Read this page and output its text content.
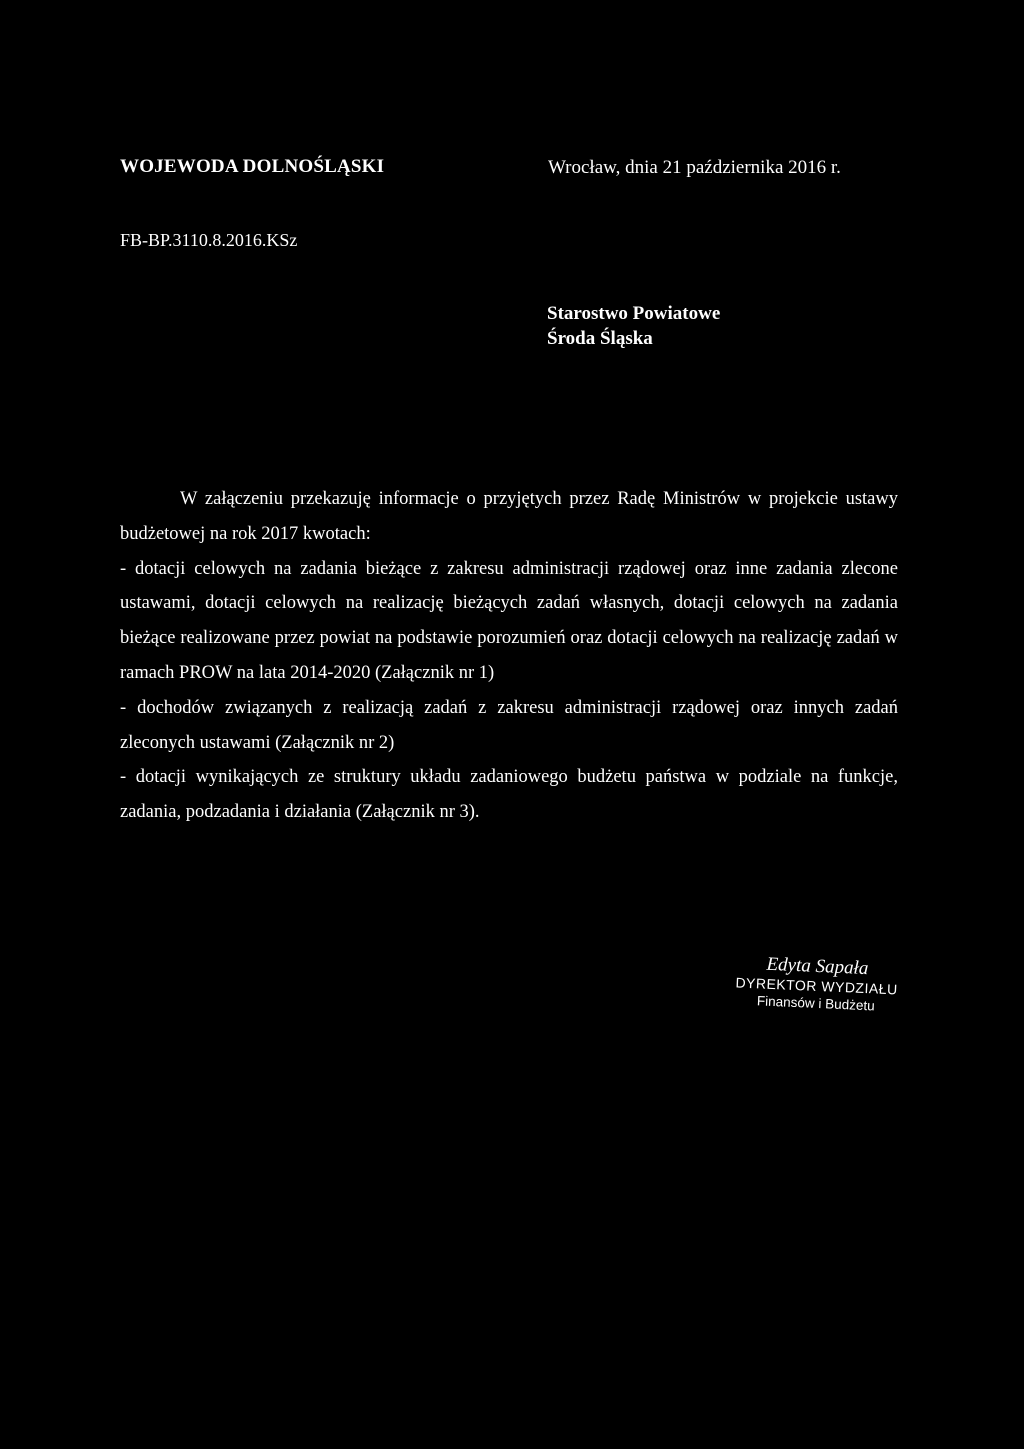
WOJEWODA DOLNOŚLĄSKI	Wrocław, dnia 21 października 2016 r.
FB-BP.3110.8.2016.KSz
Starostwo Powiatowe
Środa Śląska

W załączeniu przekazuję informacje o przyjętych przez Radę Ministrów w projekcie ustawy budżetowej na rok 2017 kwotach:

- dotacji celowych na zadania bieżące z zakresu administracji rządowej oraz inne zadania zlecone ustawami, dotacji celowych na realizację bieżących zadań własnych, dotacji celowych na zadania bieżące realizowane przez powiat na podstawie porozumień oraz dotacji celowych na realizację zadań w ramach PROW na lata 2014-2020 (Załącznik nr 1)

- dochodów związanych z realizacją zadań z zakresu administracji rządowej oraz innych zadań zleconych ustawami (Załącznik nr 2)

- dotacji wynikających ze struktury układu zadaniowego budżetu państwa w podziale na funkcje, zadania, podzadania i działania (Załącznik nr 3).

Edyta Sapała
DYREKTOR WYDZIAŁU
Finansów i Budżetu
